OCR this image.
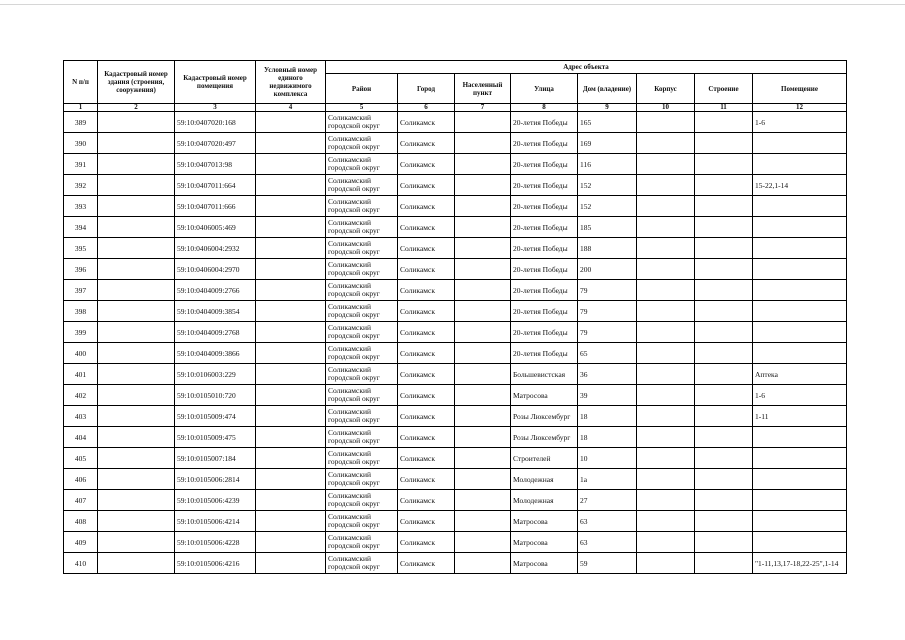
N п/п	Кадастровый номер здания (строения, сооружения)	Кадастровый номер помещения	Условный номер единого недвижимого комплекса	Адрес объекта							
				Район	Город	Населенный пункт	Улица	Дом (владение)	Корпус	Строение	Помещение
1	2	3	4	5	6	7	8	9	10	11	12
389		59:10:0407020:168		Соликамский городской округ	Соликамск		20-летия Победы	165			1-6
390		59:10:0407020:497		Соликамский городской округ	Соликамск		20-летия Победы	169			
391		59:10:0407013:98		Соликамский городской округ	Соликамск		20-летия Победы	116			
392		59:10:0407011:664		Соликамский городской округ	Соликамск		20-летия Победы	152			15-22,1-14
393		59:10:0407011:666		Соликамский городской округ	Соликамск		20-летия Победы	152			
394		59:10:0406005:469		Соликамский городской округ	Соликамск		20-летия Победы	185			
395		59:10:0406004:2932		Соликамский городской округ	Соликамск		20-летия Победы	188			
396		59:10:0406004:2970		Соликамский городской округ	Соликамск		20-летия Победы	200			
397		59:10:0404009:2766		Соликамский городской округ	Соликамск		20-летия Победы	79			
398		59:10:0404009:3854		Соликамский городской округ	Соликамск		20-летия Победы	79			
399		59:10:0404009:2768		Соликамский городской округ	Соликамск		20-летия Победы	79			
400		59:10:0404009:3866		Соликамский городской округ	Соликамск		20-летия Победы	65			
401		59:10:0106003:229		Соликамский городской округ	Соликамск		Большевистская	36			Аптека
402		59:10:0105010:720		Соликамский городской округ	Соликамск		Матросова	39			1-6
403		59:10:0105009:474		Соликамский городской округ	Соликамск		Розы Люксембург	18			1-11
404		59:10:0105009:475		Соликамский городской округ	Соликамск		Розы Люксембург	18			
405		59:10:0105007:184		Соликамский городской округ	Соликамск		Строителей	10			
406		59:10:0105006:2814		Соликамский городской округ	Соликамск		Молодежная	1а			
407		59:10:0105006:4239		Соликамский городской округ	Соликамск		Молодежная	27			
408		59:10:0105006:4214		Соликамский городской округ	Соликамск		Матросова	63			
409		59:10:0105006:4228		Соликамский городской округ	Соликамск		Матросова	63			
410		59:10:0105006:4216		Соликамский городской округ	Соликамск		Матросова	59			"1-11,13,17-18,22-25",1-14
